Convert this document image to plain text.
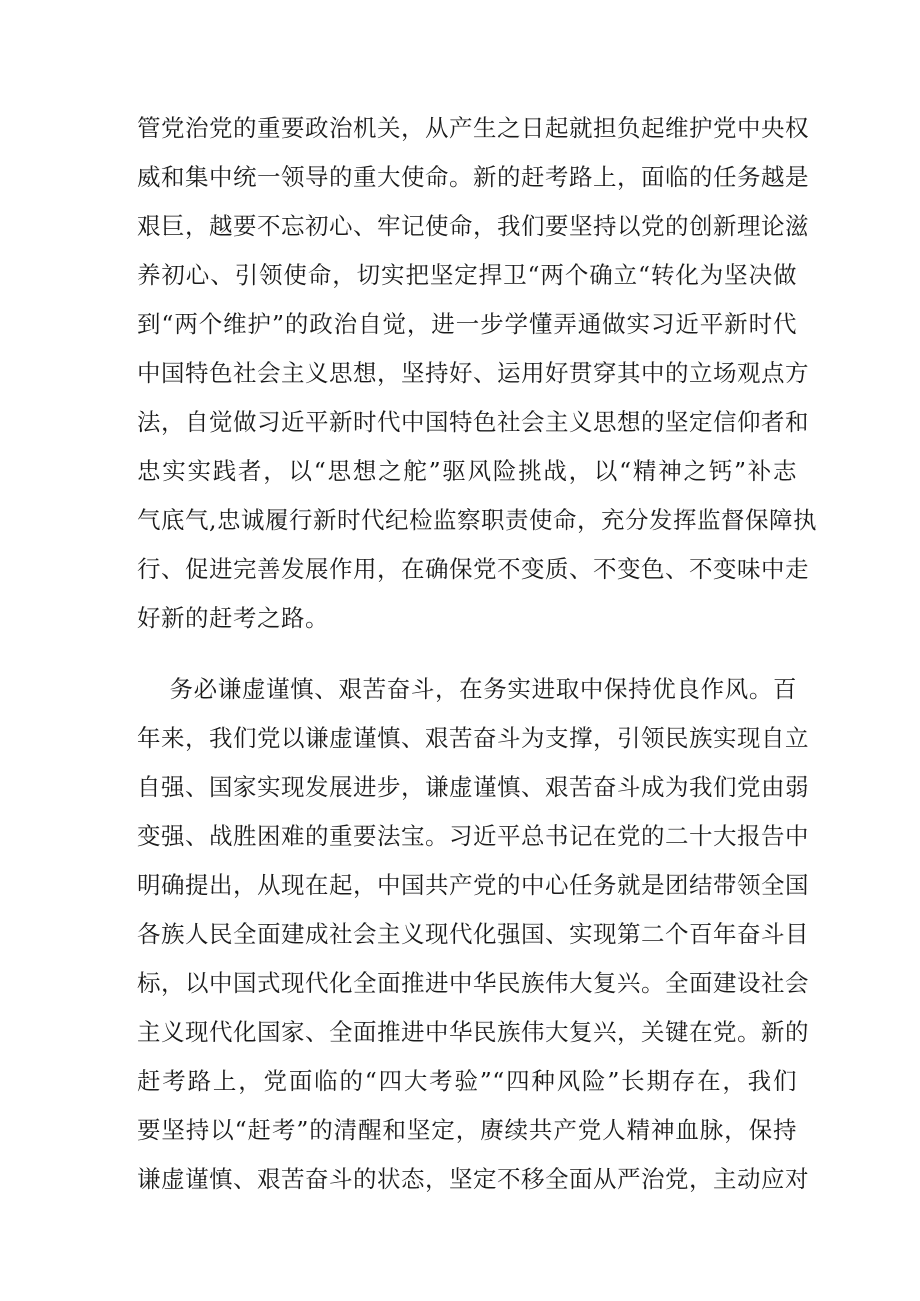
管党治党的重要政治机关，从产生之日起就担负起维护党中央权
威和集中统一领导的重大使命。新的赶考路上，面临的任务越是
艰巨，越要不忘初心、牢记使命，我们要坚持以党的创新理论滋
养初心、引领使命，切实把坚定捍卫“两个确立“转化为坚决做
到“两个维护”的政治自觉，进一步学懂弄通做实习近平新时代
中国特色社会主义思想，坚持好、运用好贯穿其中的立场观点方
法，自觉做习近平新时代中国特色社会主义思想的坚定信仰者和
忠实实践者，以“思想之舵”驱风险挑战，以“精神之钙”补志
气底气,忠诚履行新时代纪检监察职责使命，充分发挥监督保障执
行、促进完善发展作用，在确保党不变质、不变色、不变味中走
好新的赶考之路。
务必谦虚谨慎、艰苦奋斗，在务实进取中保持优良作风。百
年来，我们党以谦虚谨慎、艰苦奋斗为支撑，引领民族实现自立
自强、国家实现发展进步，谦虚谨慎、艰苦奋斗成为我们党由弱
变强、战胜困难的重要法宝。习近平总书记在党的二十大报告中
明确提出，从现在起，中国共产党的中心任务就是团结带领全国
各族人民全面建成社会主义现代化强国、实现第二个百年奋斗目
标，以中国式现代化全面推进中华民族伟大复兴。全面建设社会
主义现代化国家、全面推进中华民族伟大复兴，关键在党。新的
赶考路上，党面临的“四大考验”“四种风险”长期存在，我们
要坚持以“赶考”的清醒和坚定，赓续共产党人精神血脉，保持
谦虚谨慎、艰苦奋斗的状态，坚定不移全面从严治党，主动应对
